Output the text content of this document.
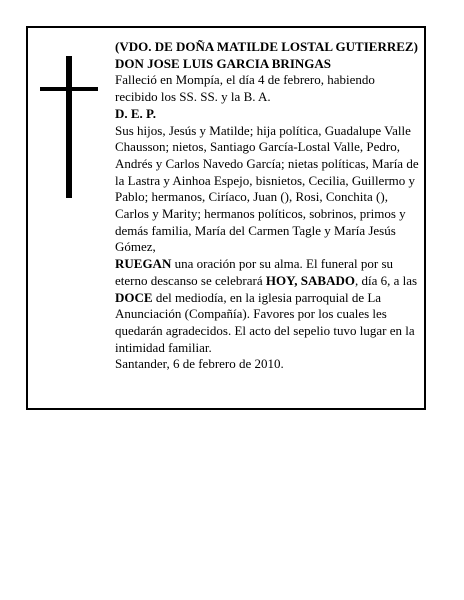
(VDO. DE DOÑA MATILDE LOSTAL GUTIERREZ)

DON JOSE LUIS GARCIA BRINGAS

Falleció en Mompía, el día 4 de febrero, habiendo recibido los SS. SS. y la B. A.

D. E. P.

Sus hijos, Jesús y Matilde; hija política, Guadalupe Valle Chausson; nietos, Santiago García-Lostal Valle, Pedro, Andrés y Carlos Navedo García; nietas políticas, María de la Lastra y Ainhoa Espejo, bisnietos, Cecilia, Guillermo y Pablo; hermanos, Ciríaco, Juan (), Rosi, Conchita (), Carlos y Marity; hermanos políticos, sobrinos, primos y demás familia, María del Carmen Tagle y María Jesús Gómez,

RUEGAN una oración por su alma. El funeral por su eterno descanso se celebrará HOY, SABADO, día 6, a las DOCE del mediodía, en la iglesia parroquial de La Anunciación (Compañía). Favores por los cuales les quedarán agradecidos. El acto del sepelio tuvo lugar en la intimidad familiar.

Santander, 6 de febrero de 2010.
